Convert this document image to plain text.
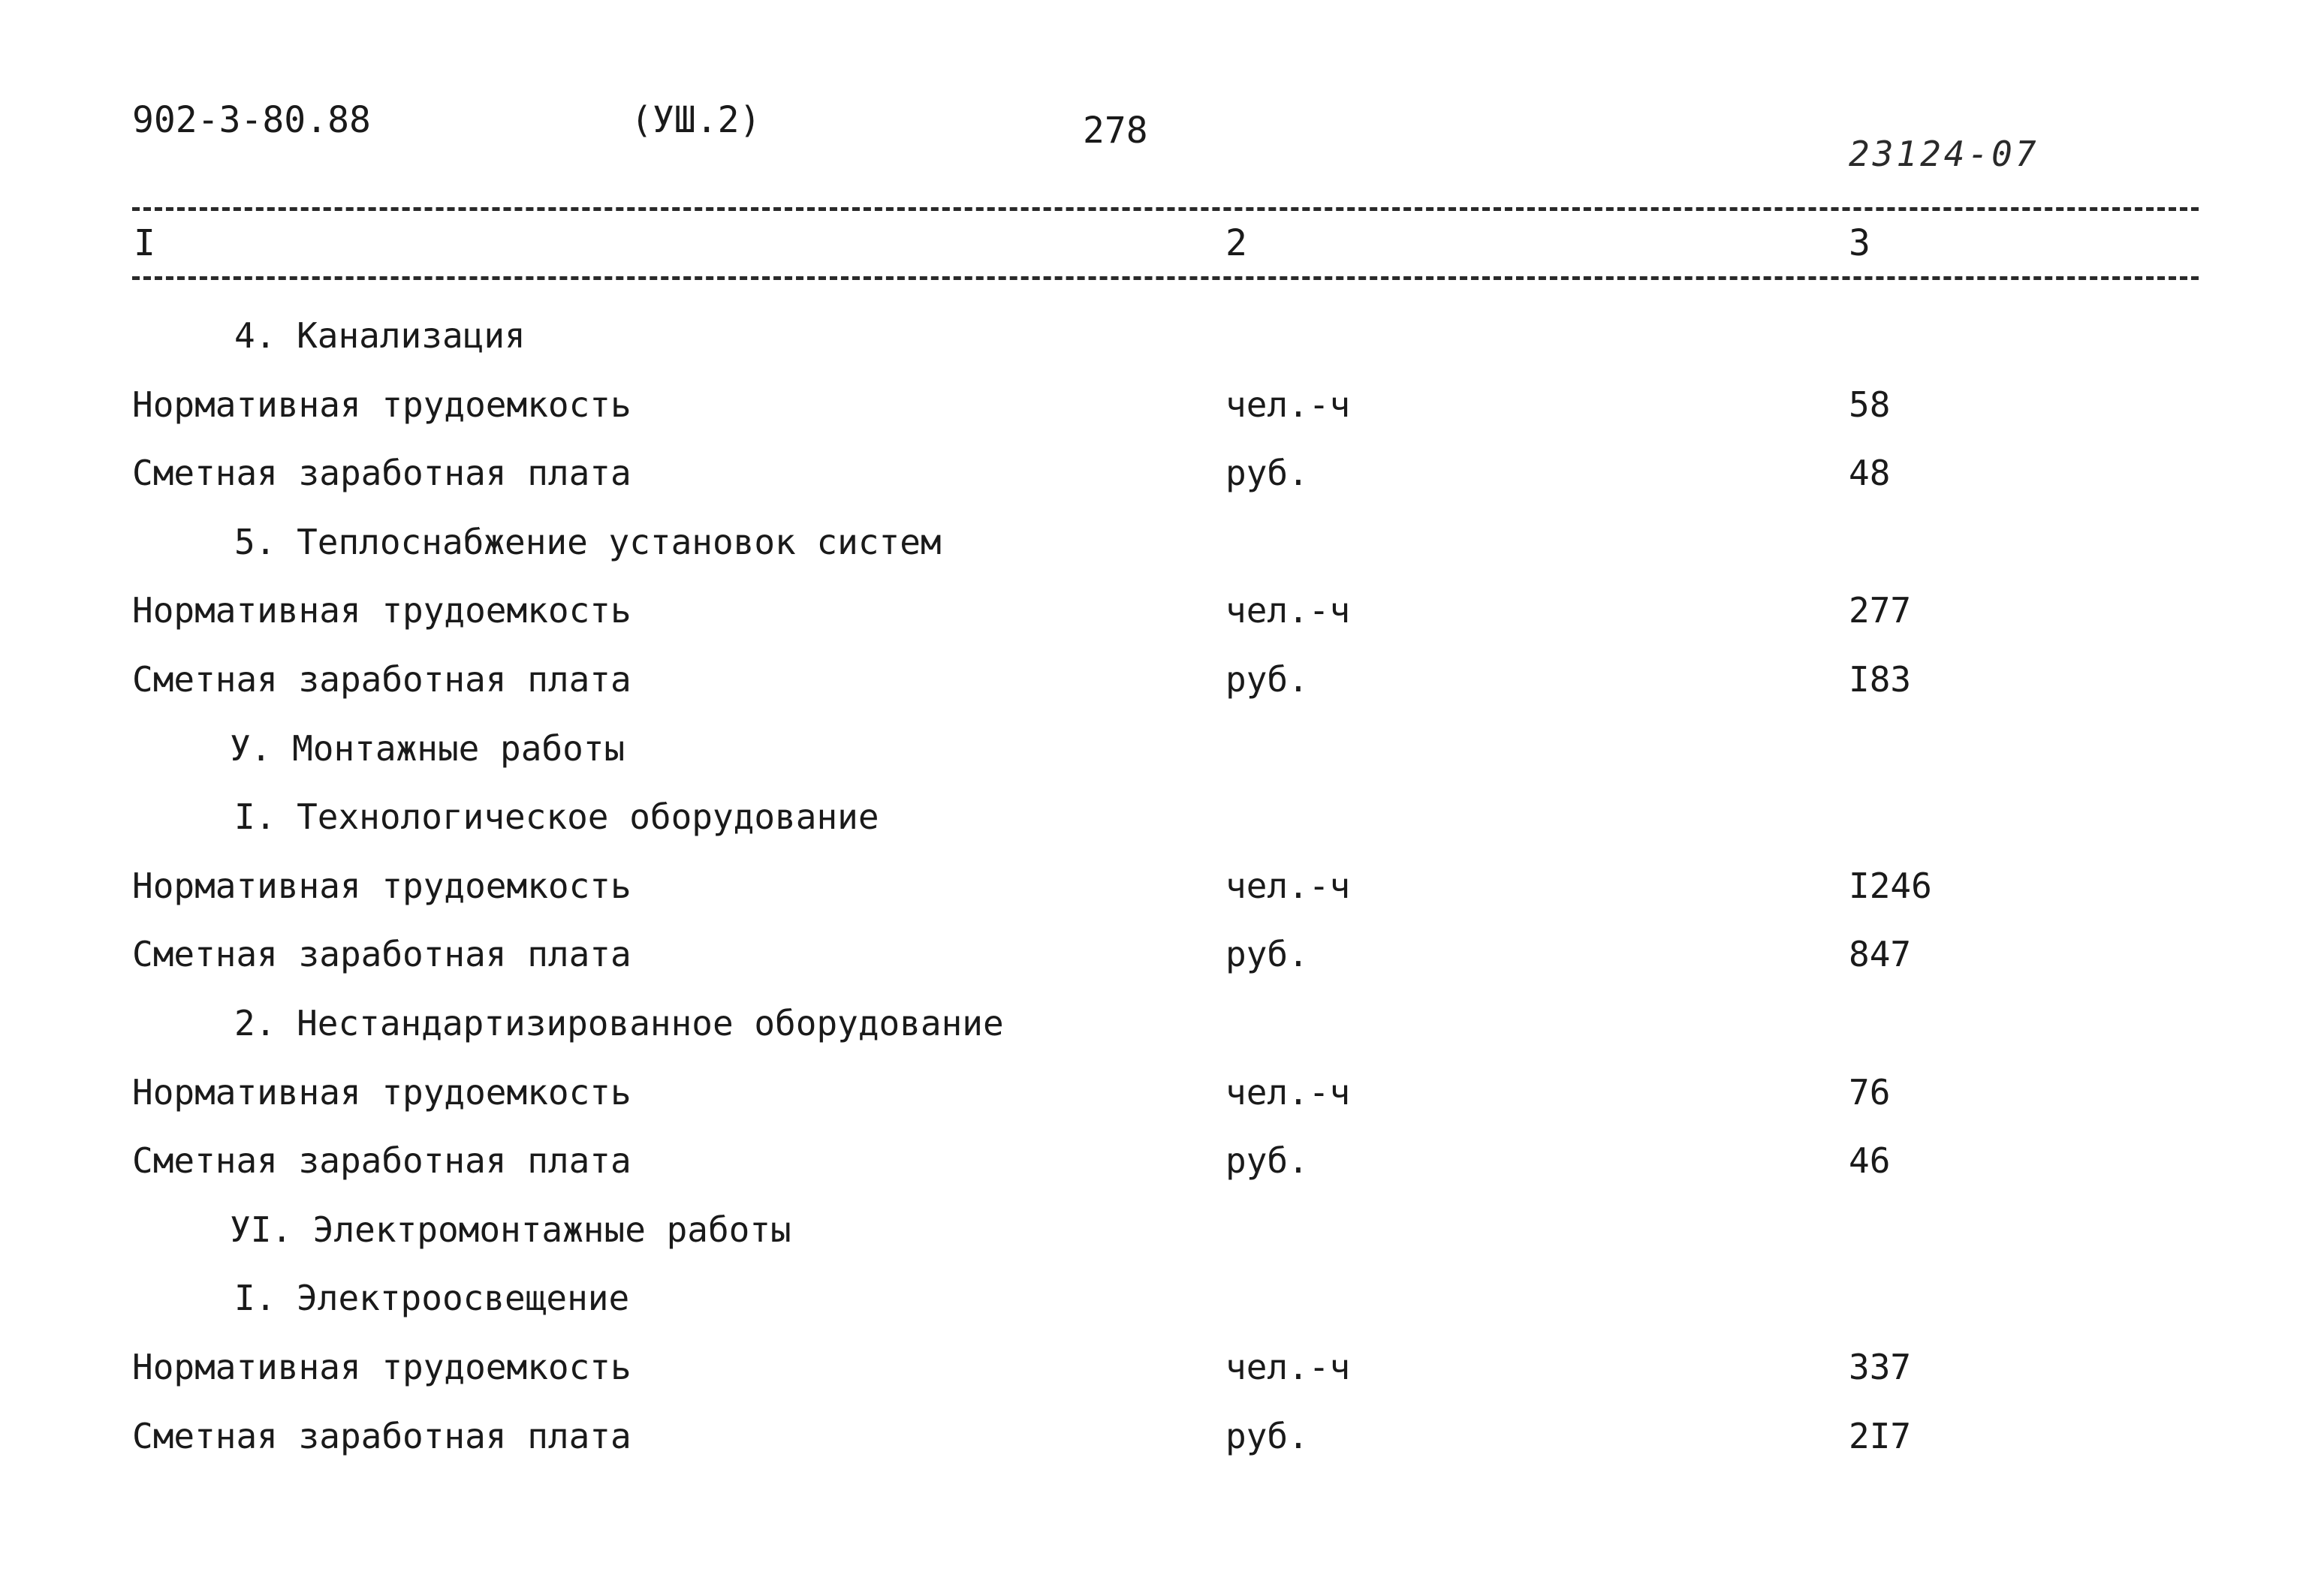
902-3-80.88	(УШ.2)	278
23124-07
I	2	3
4. Канализация
Нормативная трудоемкость	чел.-ч	58
Сметная заработная плата	руб.	48
5. Теплоснабжение установок систем
Нормативная трудоемкость	чел.-ч	277
Сметная заработная плата	руб.	I83
У. Монтажные работы
I. Технологическое оборудование
Нормативная трудоемкость	чел.-ч	I246
Сметная заработная плата	руб.	847
2. Нестандартизированное оборудование
Нормативная трудоемкость	чел.-ч	76
Сметная заработная плата	руб.	46
УI. Электромонтажные работы
I. Электроосвещение
Нормативная трудоемкость	чел.-ч	337
Сметная заработная плата	руб.	2I7
